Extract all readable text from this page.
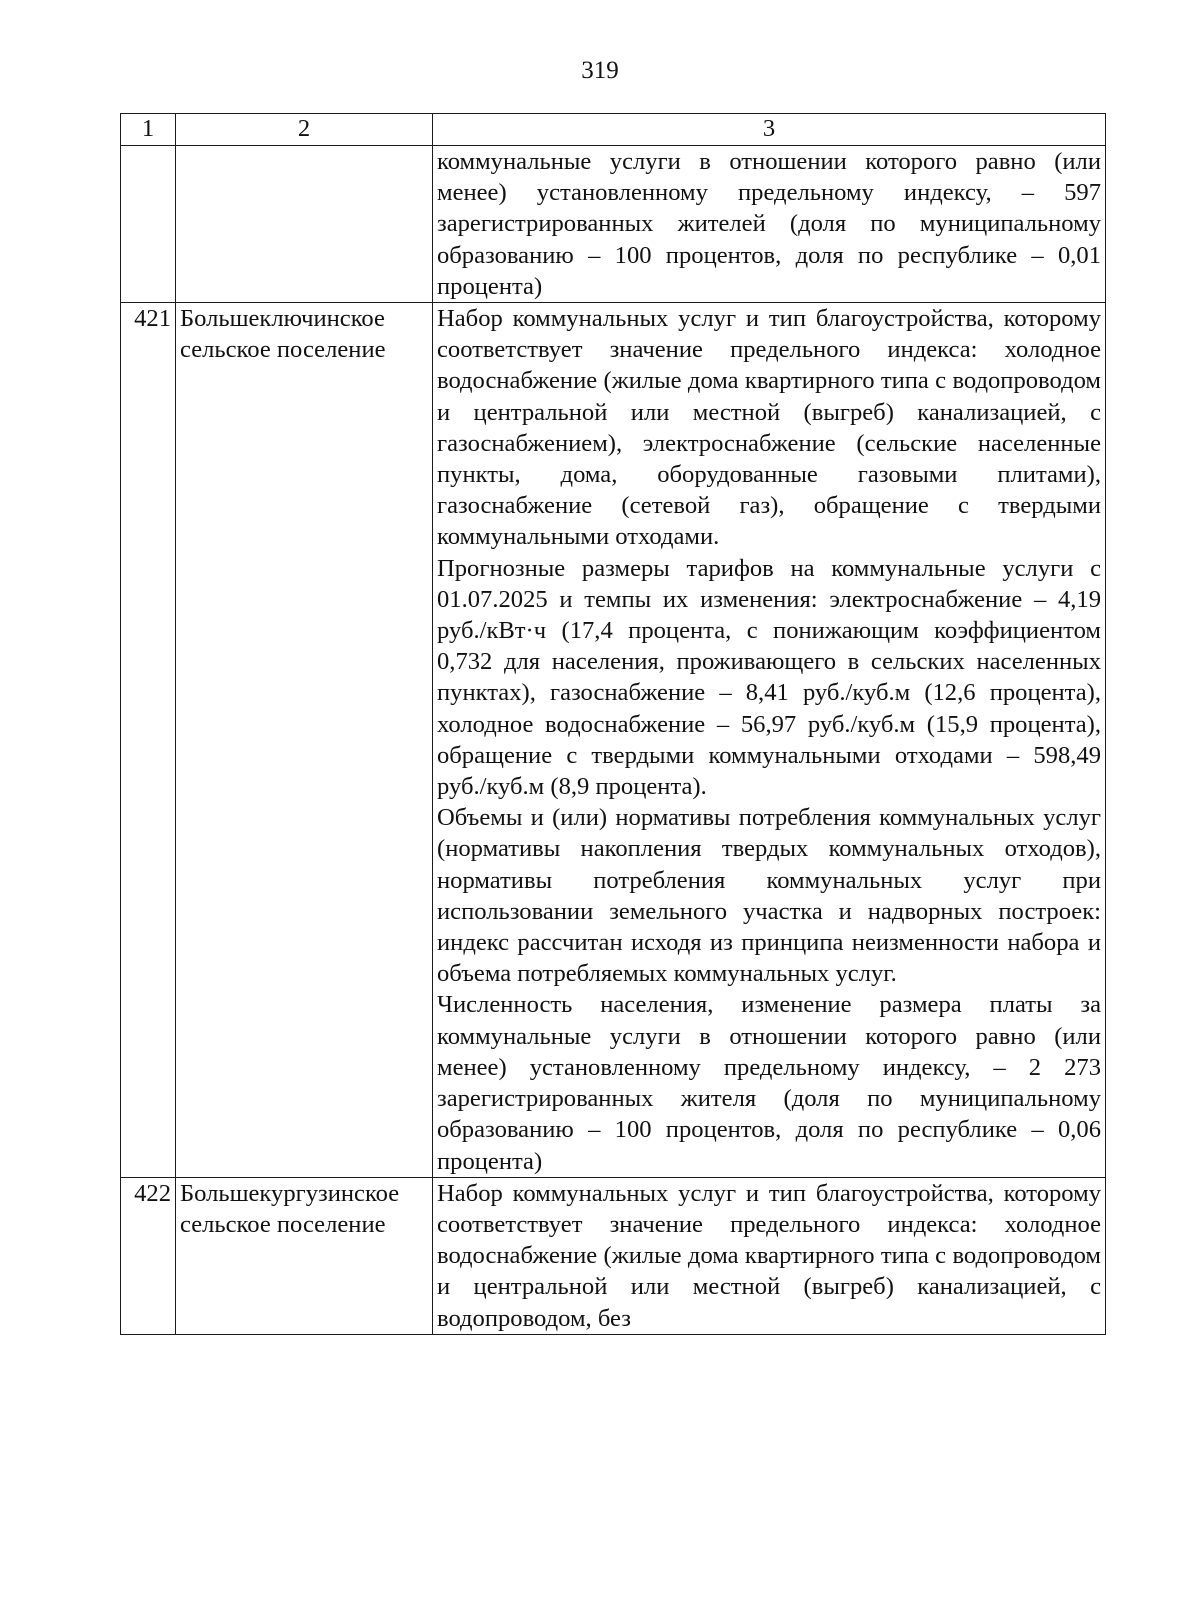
319
1	2	3

		коммунальные услуги в отношении которого равно (или менее) установленному предельному индексу, – 597 зарегистрированных жителей (доля по муниципальному образованию – 100 процентов, доля по республике – 0,01 процента)

421	Большеключинское сельское поселение	Набор коммунальных услуг и тип благоустройства, которому соответствует значение предельного индекса: холодное водоснабжение (жилые дома квартирного типа с водопроводом и центральной или местной (выгреб) канализацией, с газоснабжением), электроснабжение (сельские населенные пункты, дома, оборудованные газовыми плитами), газоснабжение (сетевой газ), обращение с твердыми коммунальными отходами.
Прогнозные размеры тарифов на коммунальные услуги с 01.07.2025 и темпы их изменения: электроснабжение – 4,19 руб./кВт·ч (17,4 процента, с понижающим коэффициентом 0,732 для населения, проживающего в сельских населенных пунктах), газоснабжение – 8,41 руб./куб.м (12,6 процента), холодное водоснабжение – 56,97 руб./куб.м (15,9 процента), обращение с твердыми коммунальными отходами – 598,49 руб./куб.м (8,9 процента).
Объемы и (или) нормативы потребления коммунальных услуг (нормативы накопления твердых коммунальных отходов), нормативы потребления коммунальных услуг при использовании земельного участка и надворных построек: индекс рассчитан исходя из принципа неизменности набора и объема потребляемых коммунальных услуг.
Численность населения, изменение размера платы за коммунальные услуги в отношении которого равно (или менее) установленному предельному индексу, – 2 273 зарегистрированных жителя (доля по муниципальному образованию – 100 процентов, доля по республике – 0,06 процента)

422	Большекургузинское сельское поселение	Набор коммунальных услуг и тип благоустройства, которому соответствует значение предельного индекса: холодное водоснабжение (жилые дома квартирного типа с водопроводом и центральной или местной (выгреб) канализацией, с водопроводом, без
